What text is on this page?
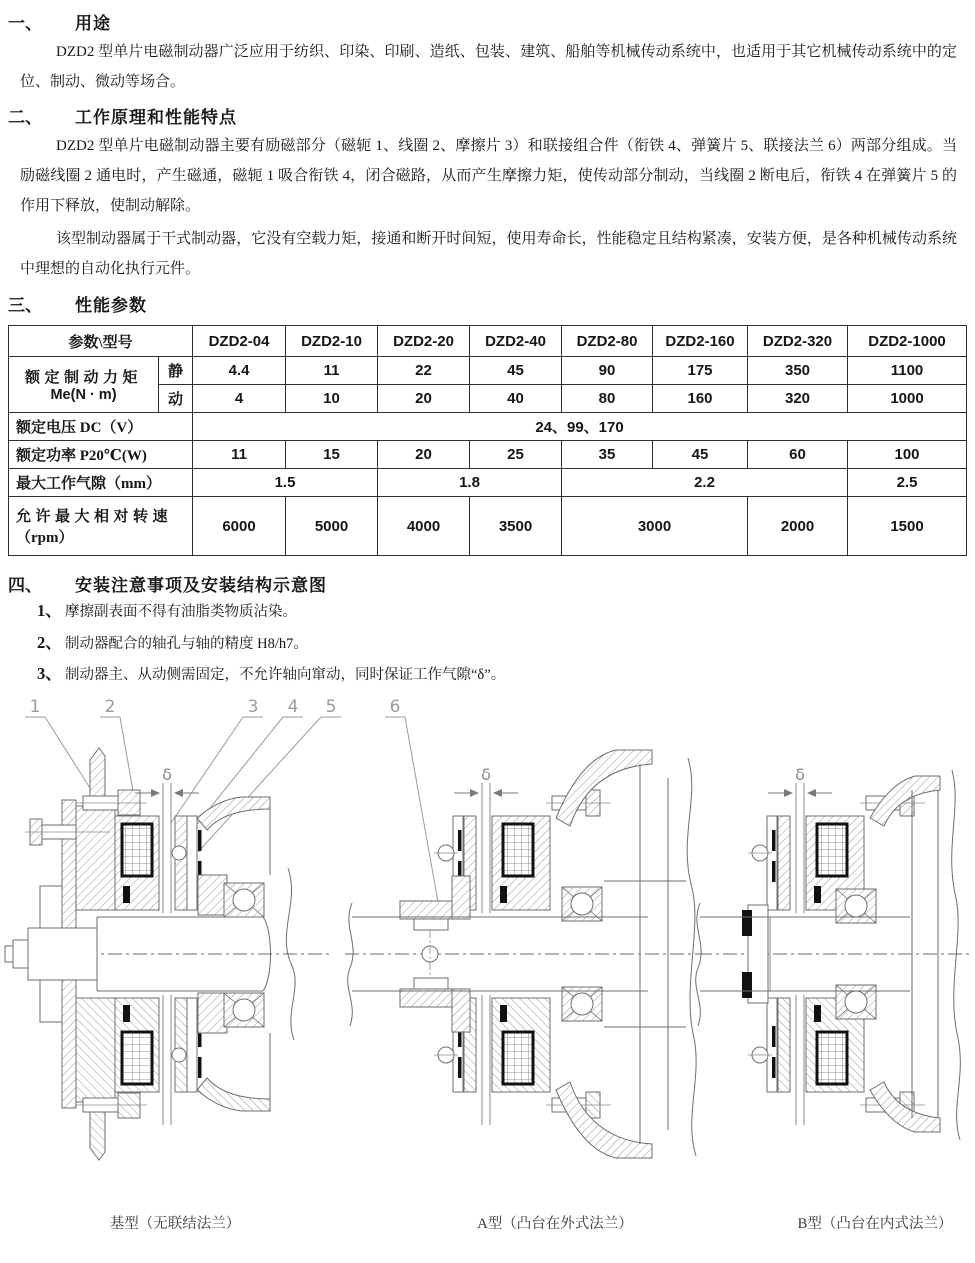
一、	用途

DZD2 型单片电磁制动器广泛应用于纺织、印染、印刷、造纸、包装、建筑、船舶等机械传动系统中，也适用于其它机械传动系统中的定位、制动、微动等场合。

二、	工作原理和性能特点

DZD2 型单片电磁制动器主要有励磁部分（磁轭 1、线圈 2、摩擦片 3）和联接组合件（衔铁 4、弹簧片 5、联接法兰 6）两部分组成。当励磁线圈 2 通电时，产生磁通，磁轭 1 吸合衔铁 4，闭合磁路，从而产生摩擦力矩，使传动部分制动，当线圈 2 断电后，衔铁 4 在弹簧片 5 的作用下释放，使制动解除。

该型制动器属于干式制动器，它没有空载力矩，接通和断开时间短，使用寿命长，性能稳定且结构紧凑，安装方便，是各种机械传动系统中理想的自动化执行元件。

三、	性能参数
参数\型号		DZD2-04	DZD2-10	DZD2-20	DZD2-40	DZD2-80	DZD2-160	DZD2-320	DZD2-1000

额定制动力矩
Me(N · m)	静	4.4	11	22	45	90	175	350	1100
	动	4	10	20	40	80	160	320	1000
额定电压 DC（V）		24、99、170							
额定功率 P20℃(W)		11	15	20	25	35	45	60	100
最大工作气隙（mm）		1.5		1.8		2.2			2.5

允许最大相对转速
（rpm）		6000	5000	4000	3500	3000		2000	1500
四、	安装注意事项及安装结构示意图
1、 摩擦副表面不得有油脂类物质沾染。
2、 制动器配合的轴孔与轴的精度 H8/h7。
3、 制动器主、从动侧需固定，不允许轴向窜动，同时保证工作气隙“δ”。
1	2	3 4 5	6
δ
基型（无联结法兰）
δ
A型（凸台在外式法兰）
δ
B型（凸台在内式法兰）
